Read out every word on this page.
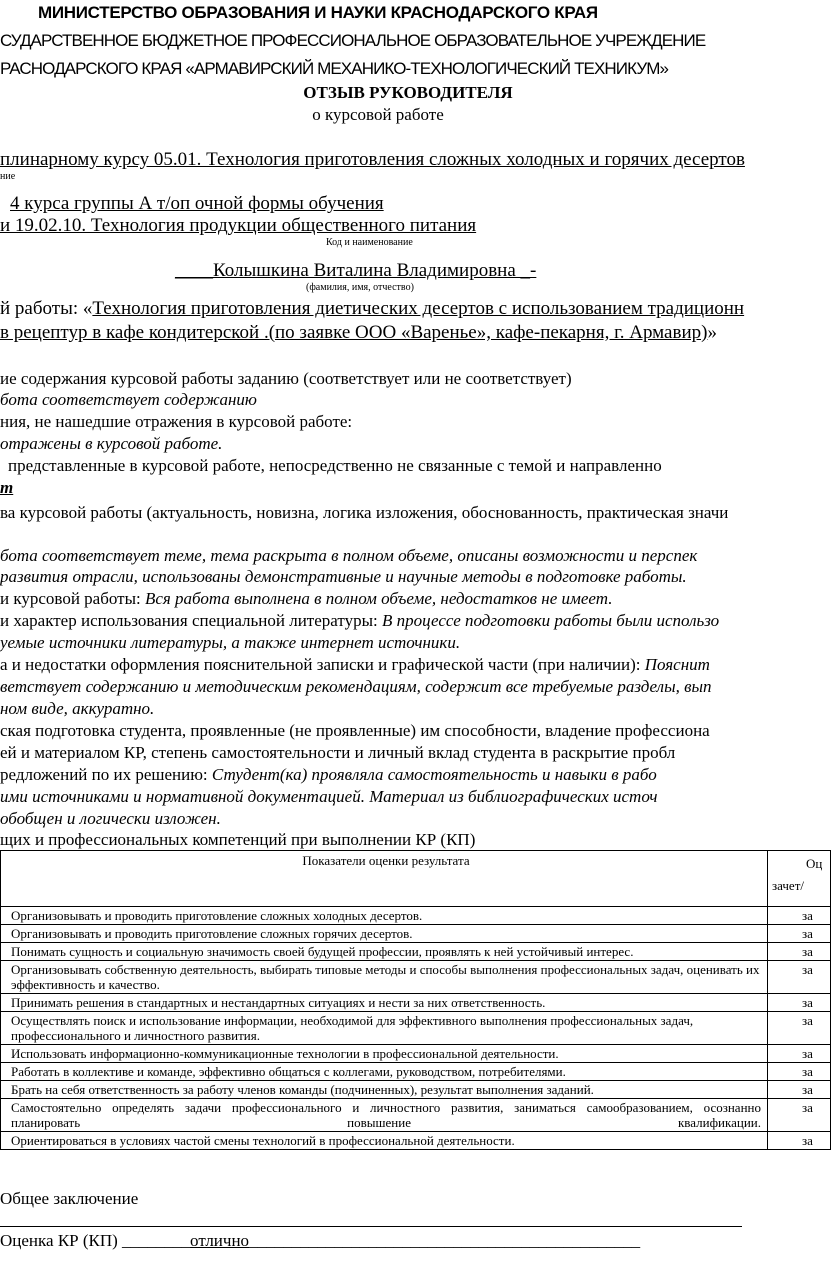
МИНИСТЕРСТВО ОБРАЗОВАНИЯ И НАУКИ КРАСНОДАРСКОГО КРАЯ
СУДАРСТВЕННОЕ БЮДЖЕТНОЕ ПРОФЕССИОНАЛЬНОЕ ОБРАЗОВАТЕЛЬНОЕ УЧРЕЖДЕНИЕ
РАСНОДАРСКОГО КРАЯ «АРМАВИРСКИЙ МЕХАНИКО-ТЕХНОЛОГИЧЕСКИЙ ТЕХНИКУМ»
ОТЗЫВ РУКОВОДИТЕЛЯ
о курсовой работе
плинарному курсу 05.01. Технология приготовления сложных холодных и горячих десертов
ние
4 курса группы А т/оп очной формы обучения
и 19.02.10. Технология продукции общественного питания
Код и наименование
____Колышкина Виталина Владимировна _-
(фамилия, имя, отчество)
й работы: «Технология приготовления диетических десертов с использованием традиционн
в рецептур в кафе кондитерской .(по заявке ООО «Варенье», кафе-пекарня, г. Армавир)»
ие содержания курсовой работы заданию (соответствует или не соответствует)
бота соответствует содержанию
ния, не нашедшие отражения в курсовой работе:
отражены в курсовой работе.
представленные в курсовой работе, непосредственно не связанные с темой и направленно
т
ва курсовой работы (актуальность, новизна, логика изложения, обоснованность, практическая значи
бота соответствует теме, тема раскрыта в полном объеме, описаны возможности и перспек
развития отрасли, использованы демонстративные и научные методы в подготовке работы.
и курсовой работы: Вся работа выполнена в полном объеме, недостатков не имеет.
и характер использования специальной литературы: В процессе подготовки работы были использо
уемые источники литературы, а также интернет источники.
а и недостатки оформления пояснительной записки и графической части (при наличии): Пояснит
ветствует содержанию и методическим рекомендациям, содержит все требуемые разделы, вып
ном виде, аккуратно.
ская подготовка студента, проявленные (не проявленные) им способности, владение профессиона
ей и материалом КР, степень самостоятельности и личный вклад студента в раскрытие пробл
редложений по их решению: Студент(ка) проявляла самостоятельность и навыки в рабо
ими источниками и нормативной документацией. Материал из библиографических источ
обобщен и логически изложен.
щих и профессиональных компетенций при выполнении КР (КП)
Показатели оценки результата	Оц
зачет/

Организовывать и проводить приготовление сложных холодных десертов.	за
Организовывать и проводить приготовление сложных горячих десертов.	за
Понимать сущность и социальную значимость своей будущей профессии, проявлять к ней устойчивый интерес.	за
Организовывать собственную деятельность, выбирать типовые методы и способы выполнения профессиональных задач, оценивать их эффективность и качество.	за
Принимать решения в стандартных и нестандартных ситуациях и нести за них ответственность.	за
Осуществлять поиск и использование информации, необходимой для эффективного выполнения профессиональных задач, профессионального и личностного развития.	за
Использовать информационно-коммуникационные технологии в профессиональной деятельности.	за
Работать в коллективе и команде, эффективно общаться с коллегами, руководством, потребителями.	за
Брать на себя ответственность за работу членов команды (подчиненных), результат выполнения заданий.	за
Самостоятельно определять задачи профессионального и личностного развития, заниматься самообразованием, осознанно планировать повышение квалификации.	за
Ориентироваться в условиях частой смены технологий в профессиональной деятельности.	за
Общее заключение
Оценка КР (КП) ________отлично______________________________________________
